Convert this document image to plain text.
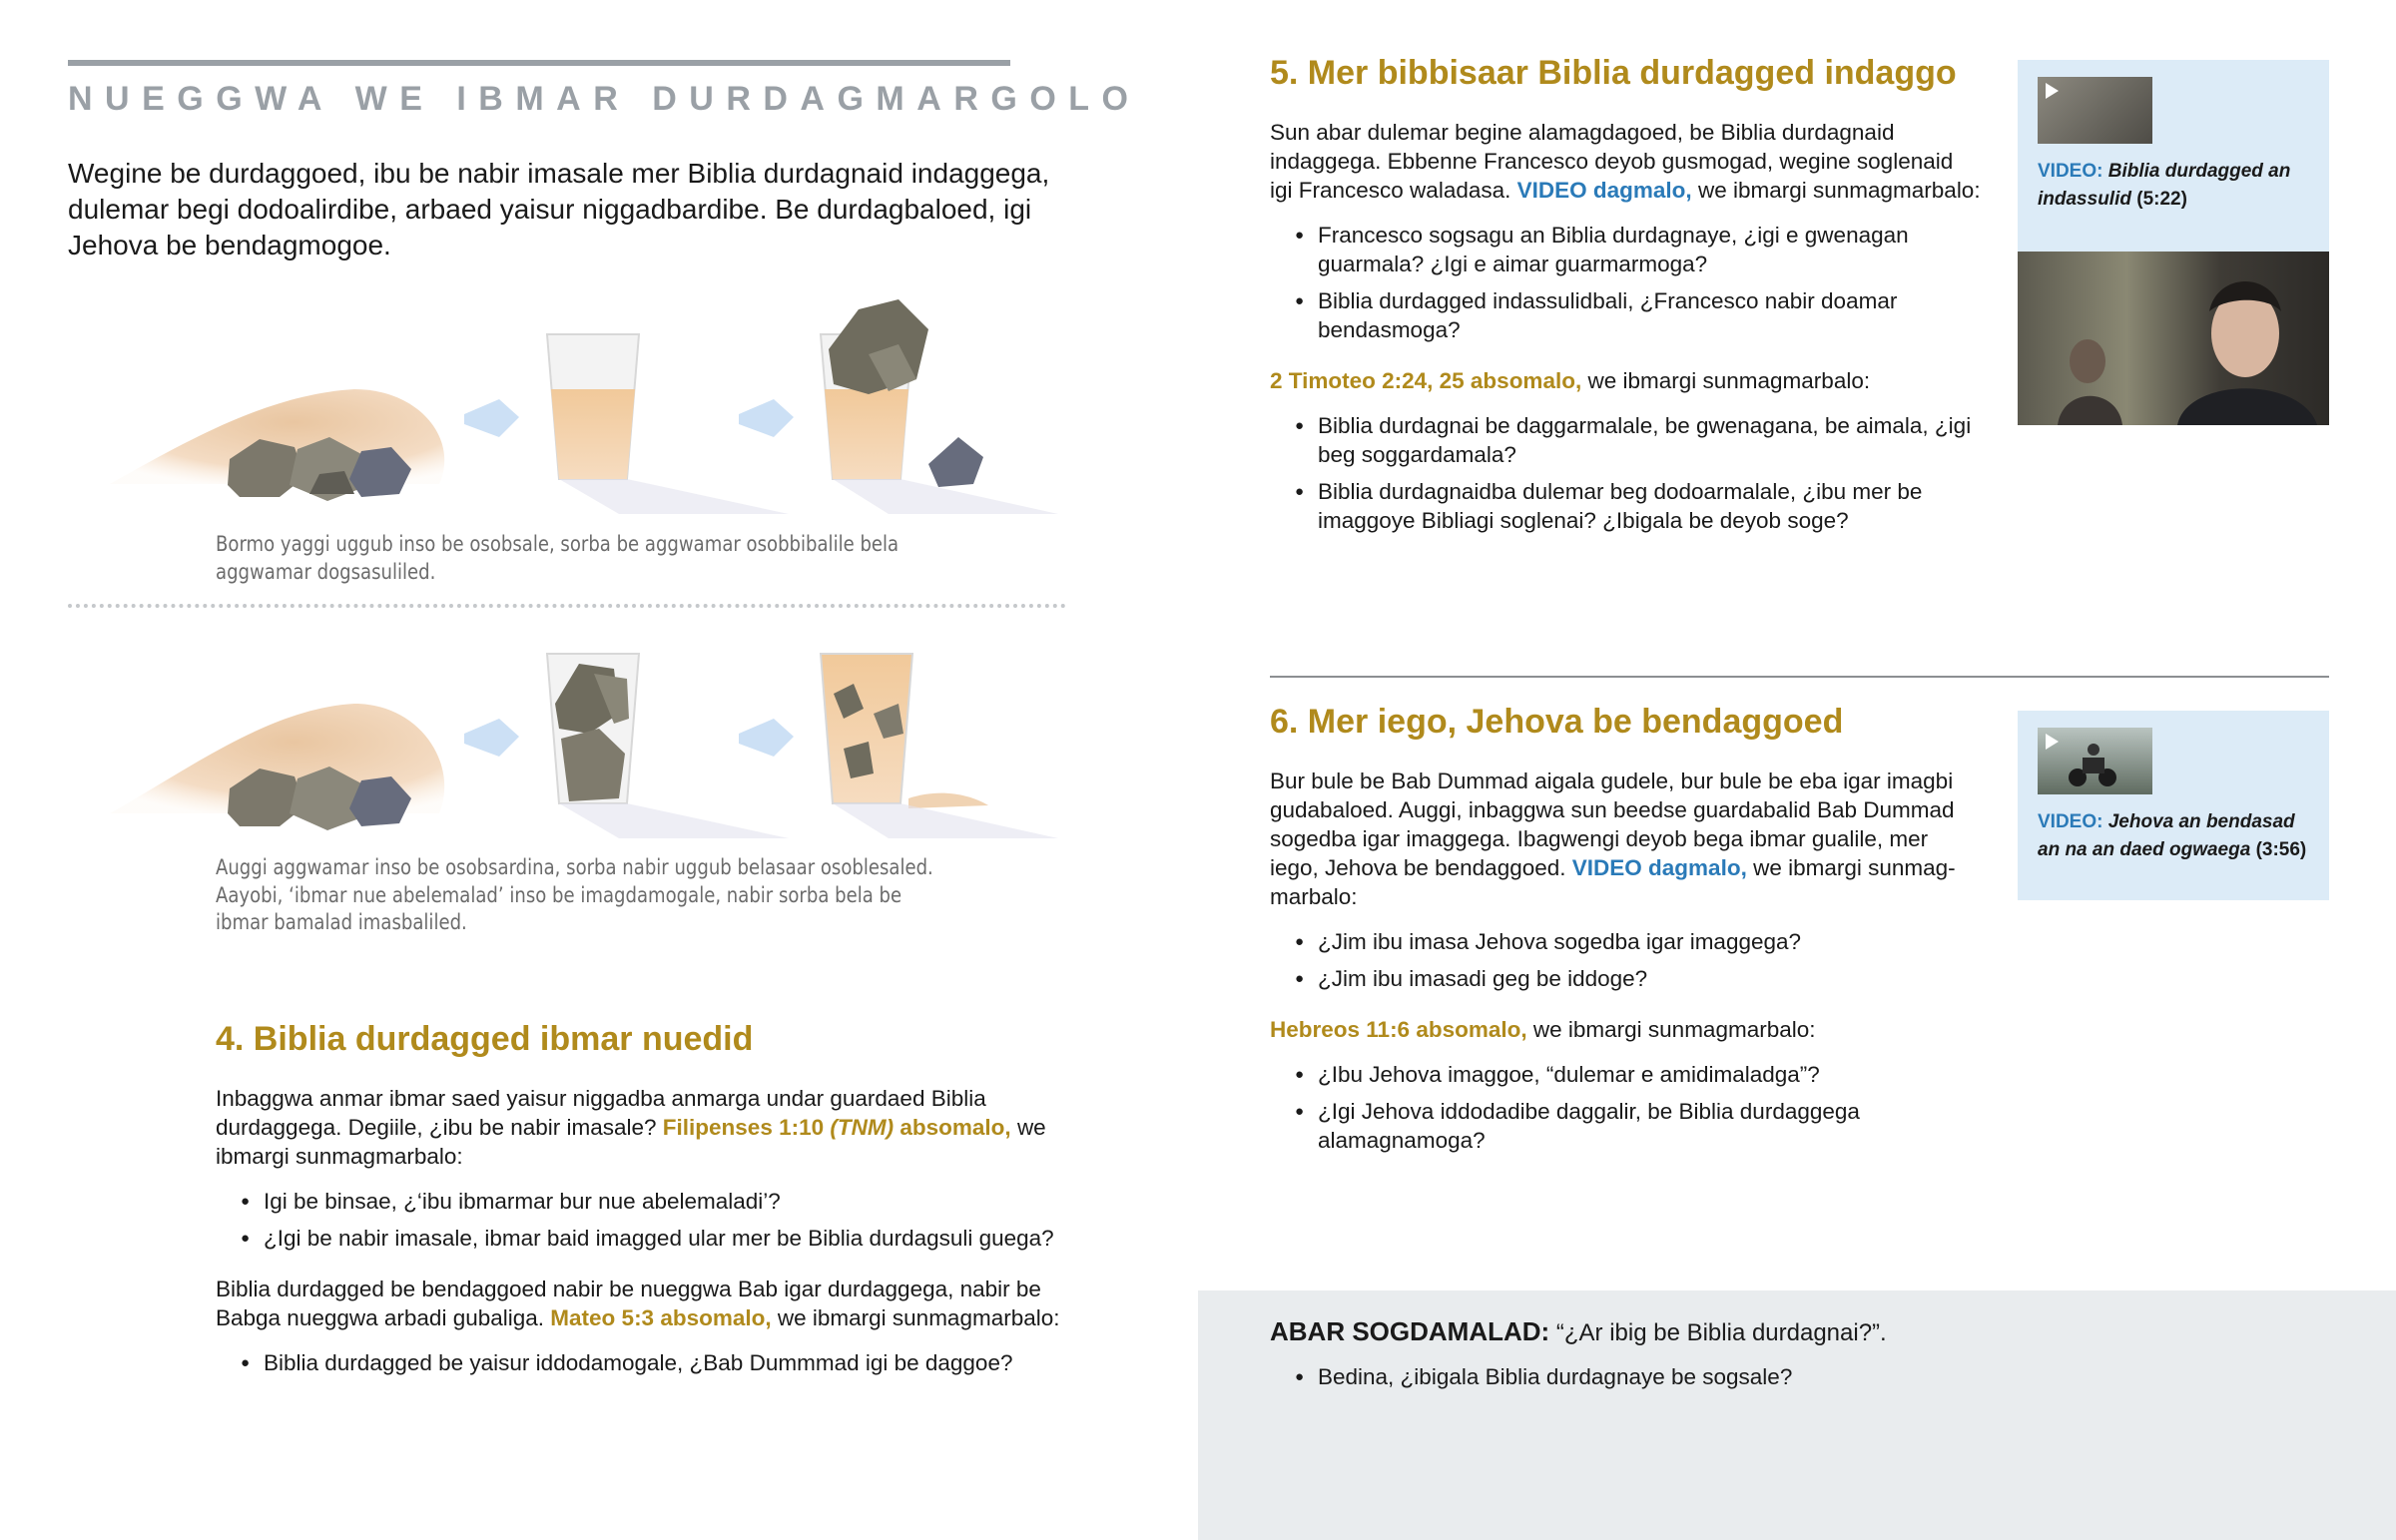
NUEGGWA WE IBMAR DURDAGMARGOLO

Wegine be durdaggoed, ibu be nabir imasale mer Biblia durdagnaid indaggega, dulemar begi dodoalirdibe, arbaed yaisur niggadbardibe. Be durdagbaloed, igi Jehova be bendagmogoe.

Bormo yaggi uggub inso be osobsale, sorba be aggwamar osobbibalile bela aggwamar dogsasuliled.
Auggi aggwamar inso be osobsardina, sorba nabir uggub belasaar osoblesaled. Aayobi, ‘ibmar nue abelemalad’ inso be imagdamogale, nabir sorba bela be ibmar bamalad imasbaliled.
4. Biblia durdagged ibmar nuedid

Inbaggwa anmar ibmar saed yaisur niggadba anmarga undar guardaed Biblia durdaggega. Degiile, ¿ibu be nabir imasale? Filipenses 1:10 (TNM) absomalo, we ibmargi sunmagmarbalo:

● Igi be binsae, ¿‘ibu ibmarmar bur nue abelemaladi’?
● ¿Igi be nabir imasale, ibmar baid imagged ular mer be Biblia durdagsuli guega?

Biblia durdagged be bendaggoed nabir be nueggwa Bab igar durdaggega, nabir be Babga nueggwa arbadi gubaliga. Mateo 5:3 absomalo, we ibmargi sunmagmarbalo:

● Biblia durdagged be yaisur iddodamogale, ¿Bab Dummmad igi be daggoe?
5. Mer bibbisaar Biblia durdagged indaggo

Sun abar dulemar begine alamagdagoed, be Biblia durdagnaid indaggega. Ebbenne Francesco deyob gusmogad, wegine soglenaid igi Francesco waladasa. VIDEO dagmalo, we ibmargi sunmagmarbalo:

● Francesco sogsagu an Biblia durdagnaye, ¿igi e gwenagan guarmala? ¿Igi e aimar guarmarmoga?
● Biblia durdagged indassulidbali, ¿Francesco nabir doamar bendasmoga?

2 Timoteo 2:24, 25 absomalo, we ibmargi sunmagmarbalo:

● Biblia durdagnai be daggarmalale, be gwenagana, be aimala, ¿igi beg soggardamala?
● Biblia durdagnaidba dulemar beg dodoarmalale, ¿ibu mer be imaggoye Bibliagi soglenai? ¿Ibigala be deyob soge?
VIDEO: Biblia durdagged an indassulid (5:22)
6. Mer iego, Jehova be bendaggoed

Bur bule be Bab Dummad aigala gudele, bur bule be eba igar imagbi gudabaloed. Auggi, inbaggwa sun beedse guardabalid Bab Dummad sogedba igar imaggega. Ibagwengi deyob bega ibmar gualile, mer iego, Jehova be bendaggoed. VIDEO dagmalo, we ibmargi sunmag-marbalo:

● ¿Jim ibu imasa Jehova sogedba igar imaggega?
● ¿Jim ibu imasadi geg be iddoge?

Hebreos 11:6 absomalo, we ibmargi sunmagmarbalo:

● ¿Ibu Jehova imaggoe, “dulemar e amidimaladga”?
● ¿Igi Jehova iddodadibe daggalir, be Biblia durdaggega alamagnamoga?
VIDEO: Jehova an bendasad an na an daed ogwaega (3:56)
ABAR SOGDAMALAD: “¿Ar ibig be Biblia durdagnai?”.
● Bedina, ¿ibigala Biblia durdagnaye be sogsale?
